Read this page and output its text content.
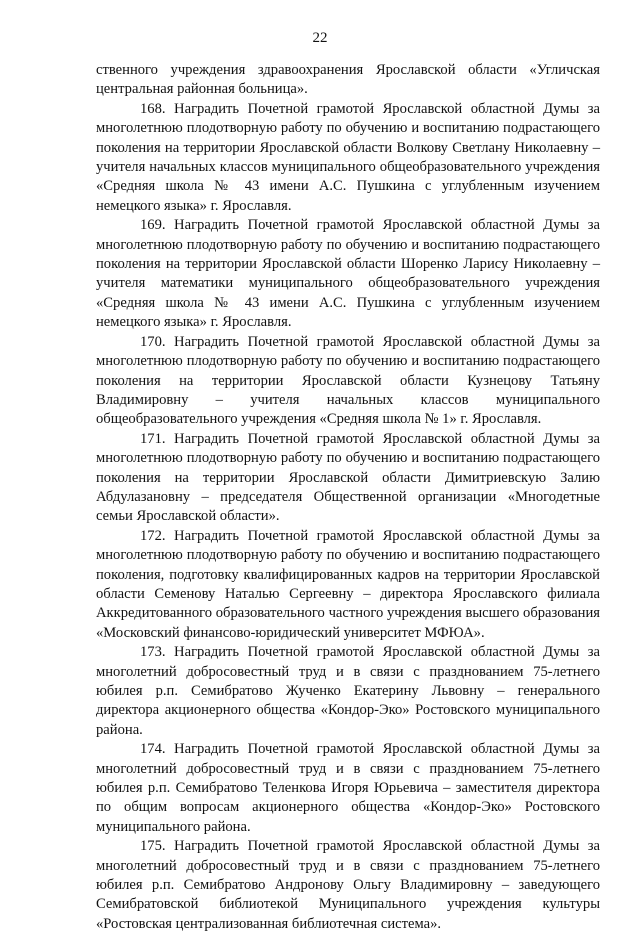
22

ственного учреждения здравоохранения Ярославской области «Угличская центральная районная больница».

168. Наградить Почетной грамотой Ярославской областной Думы за многолетнюю плодотворную работу по обучению и воспитанию подрастающего поколения на территории Ярославской области Волкову Светлану Николаевну – учителя начальных классов муниципального общеобразовательного учреждения «Средняя школа № 43 имени А.С. Пушкина с углубленным изучением немецкого языка» г. Ярославля.

169. Наградить Почетной грамотой Ярославской областной Думы за многолетнюю плодотворную работу по обучению и воспитанию подрастающего поколения на территории Ярославской области Шоренко Ларису Николаевну – учителя математики муниципального общеобразовательного учреждения «Средняя школа № 43 имени А.С. Пушкина с углубленным изучением немецкого языка» г. Ярославля.

170. Наградить Почетной грамотой Ярославской областной Думы за многолетнюю плодотворную работу по обучению и воспитанию подрастающего поколения на территории Ярославской области Кузнецову Татьяну Владимировну – учителя начальных классов муниципального общеобразовательного учреждения «Средняя школа № 1» г. Ярославля.

171. Наградить Почетной грамотой Ярославской областной Думы за многолетнюю плодотворную работу по обучению и воспитанию подрастающего поколения на территории Ярославской области Димитриевскую Залию Абдулазановну – председателя Общественной организации «Многодетные семьи Ярославской области».

172. Наградить Почетной грамотой Ярославской областной Думы за многолетнюю плодотворную работу по обучению и воспитанию подрастающего поколения, подготовку квалифицированных кадров на территории Ярославской области Семенову Наталью Сергеевну – директора Ярославского филиала Аккредитованного образовательного частного учреждения высшего образования «Московский финансово-юридический университет МФЮА».

173. Наградить Почетной грамотой Ярославской областной Думы за многолетний добросовестный труд и в связи с празднованием 75-летнего юбилея р.п. Семибратово Жученко Екатерину Львовну – генерального директора акционерного общества «Кондор-Эко» Ростовского муниципального района.

174. Наградить Почетной грамотой Ярославской областной Думы за многолетний добросовестный труд и в связи с празднованием 75-летнего юбилея р.п. Семибратово Теленкова Игоря Юрьевича – заместителя директора по общим вопросам акционерного общества «Кондор-Эко» Ростовского муниципального района.

175. Наградить Почетной грамотой Ярославской областной Думы за многолетний добросовестный труд и в связи с празднованием 75-летнего юбилея р.п. Семибратово Андронову Ольгу Владимировну – заведующего Семибратовской библиотекой Муниципального учреждения культуры «Ростовская централизованная библиотечная система».
